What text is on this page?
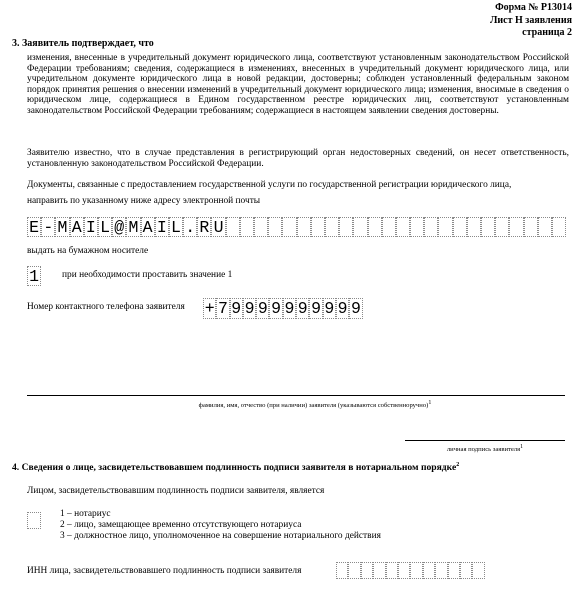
Форма № Р13014
Лист Н заявления
страница 2
3. Заявитель подтверждает, что
изменения, внесенные в учредительный документ юридического лица, соответствуют установленным законодательством Российской Федерации требованиям; сведения, содержащиеся в изменениях, внесенных в учредительный документ юридического лица, или учредительном документе юридического лица в новой редакции, достоверны; соблюден установленный федеральным законом порядок принятия решения о внесении изменений в учредительный документ юридического лица; изменения, вносимые в сведения о юридическом лице, содержащиеся в Едином государственном реестре юридических лиц, соответствуют установленным законодательством Российской Федерации требованиям; содержащиеся в настоящем заявлении сведения достоверны.
Заявителю известно, что в случае представления в регистрирующий орган недостоверных сведений, он несет ответственность, установленную законодательством Российской Федерации.
Документы, связанные с предоставлением государственной услуги по государственной регистрации юридического лица,
направить по указанному ниже адресу электронной почты
E - M A I L @ M A I L . R U
выдать на бумажном носителе
1 при необходимости проставить значение 1
Номер контактного телефона заявителя + 7 9 9 9 9 9 9 9 9 9 9
фамилия, имя, отчество (при наличии) заявителя (указываются собственноручно)1
личная подпись заявителя1
4. Сведения о лице, засвидетельствовавшем подлинность подписи заявителя в нотариальном порядке$^2$
Лицом, засвидетельствовавшим подлинность подписи заявителя, является
1 – нотариус
2 – лицо, замещающее временно отсутствующего нотариуса
3 – должностное лицо, уполномоченное на совершение нотариального действия
ИНН лица, засвидетельствовавшего подлинность подписи заявителя
